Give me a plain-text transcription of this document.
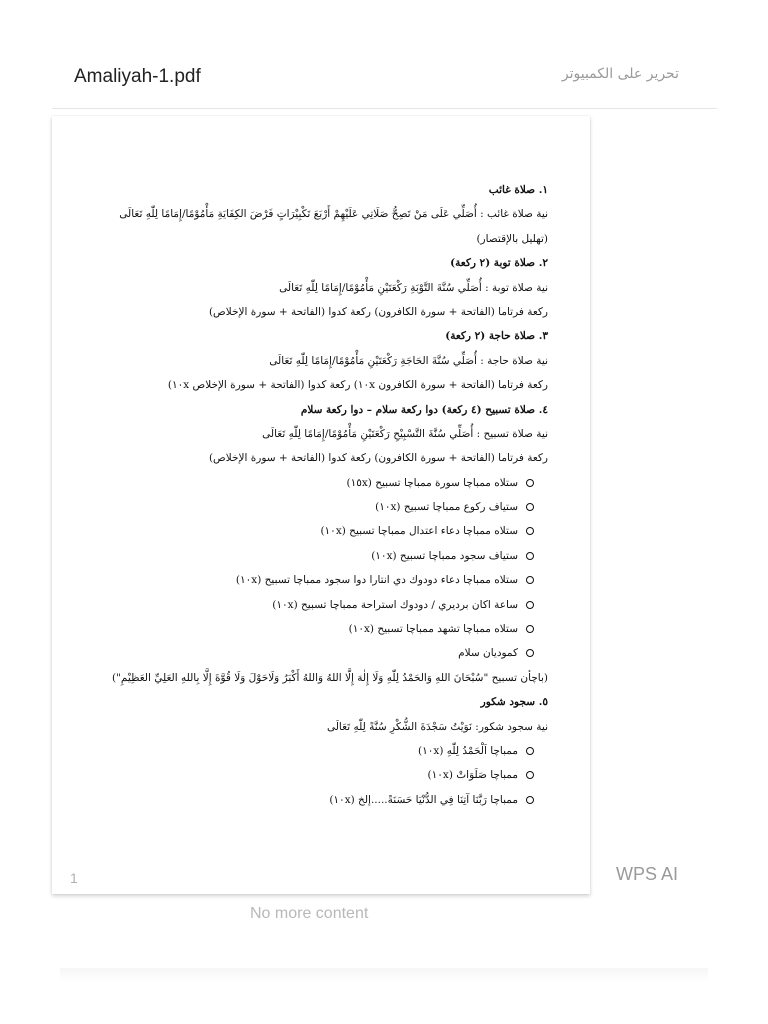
Amaliyah-1.pdf	تحرير على الكمبيوتر
١. صلاة غائب
نية صلاة غائب : أُصَلِّي عَلَى مَنْ تَصِحُّ صَلَاتِي عَلَيْهِمْ أَرْبَعَ تَكْبِيْرَاتٍ فَرْضَ الكِفَايَةِ مَأْمُوْمًا/إِمَامًا لِلّٰهِ تَعَالَى
(تهليل بالإقتصار)
٢. صلاة توبة (٢ ركعة)
نية صلاة توبة : أُصَلِّي سُنَّةَ التَّوْبَةِ رَكْعَتَيْنِ مَأْمُوْمًا/إِمَامًا لِلّٰهِ تَعَالَى
ركعة فرتاما (الفاتحة + سورة الكافرون) ركعة كدوا (الفاتحة + سورة الإخلاص)
٣. صلاة حاجة (٢ ركعة)
نية صلاة حاجة : أُصَلِّي سُنَّةَ الحَاجَةِ رَكْعَتَيْنِ مَأْمُوْمًا/إِمَامًا لِلّٰهِ تَعَالَى
ركعة فرتاما (الفاتحة + سورة الكافرون ١٠x) ركعة كدوا (الفاتحة + سورة الإخلاص ١٠x)
٤. صلاة تسبيح (٤ ركعة) دوا ركعة سلام – دوا ركعة سلام
نية صلاة تسبيح : أُصَلِّي سُنَّةَ التَّسْبِيْحِ رَكْعَتَيْنِ مَأْمُوْمًا/إِمَامًا لِلّٰهِ تَعَالَى
ركعة فرتاما (الفاتحة + سورة الكافرون) ركعة كدوا (الفاتحة + سورة الإخلاص)
ستلاه ممباچا سورة ممباچا تسبيح (١٥x)
ستياف ركوع ممباچا تسبيح (١٠x)
ستلاه ممباچا دعاء اعتدال ممباچا تسبيح (١٠x)
ستياف سجود ممباچا تسبيح (١٠x)
ستلاه ممباچا دعاء دودوك دي انتارا دوا سجود ممباچا تسبيح (١٠x)
ساعة اكان برديري / دودوك استراحة ممباچا تسبيح (١٠x)
ستلاه ممباچا تشهد ممباچا تسبيح (١٠x)
كموديان سلام
(باچأن تسبيح "سُبْحَانَ اللهِ وَالحَمْدُ لِلّٰهِ وَلَا إِلٰهَ إِلَّا اللهُ وَاللهُ أَكْبَرُ وَلَاحَوْلَ وَلَا قُوَّةَ إِلَّا بِاللهِ العَلِيِّ العَظِيْمِ")
٥. سجود شكور
نية سجود شكور: نَوَيْتُ سَجْدَةَ الشُّكْرِ سُنَّةً لِلّٰهِ تَعَالَى
ممباچا اَلْحَمْدُ لِلّٰهِ (١٠x)
ممباچا صَلَوَاتْ (١٠x)
ممباچا رَبَّنَا آتِنَا فِي الدُّنْيَا حَسَنَةً.....إلخ (١٠x)
1	WPS AI
No more content
